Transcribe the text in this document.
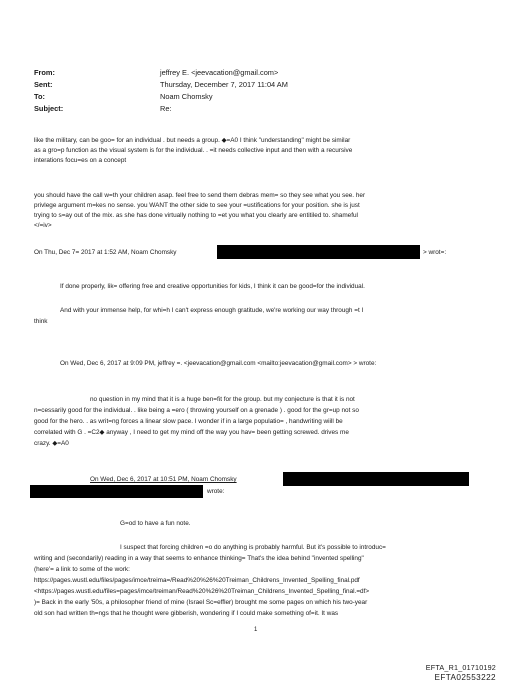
From:	jeffrey E. <jeevacation@gmail.com>
Sent:	Thursday, December 7, 2017 11:04 AM
To:	Noam Chomsky
Subject:	Re:
like the military, can be goo= for an individual . but needs a group. ◆=A0 I think "understanding" might be similar
as a gro=p function as the visual system is for the individual. . =it needs collective input and then with a recursive
interations focu=es on a concept
you should have the call w=th your children asap. feel free to send them debras mem= so they see what you see. her
privlege argument m=kes no sense. you WANT the other side to see your =ustifications for your position. she is just
trying to s=ay out of the mix. as she has done virtually nothing to =et you what you clearly are entitiled to. shameful
</=iv>
On Thu, Dec 7= 2017 at 1:52 AM, Noam Chomsky	> wrot=:
If done properly, lik= offering free and creative opportunities for kids, I think it can be good=for the individual.
And with your immense help, for whi=h I can't express enough gratitude, we're working our way through =t I
think
On Wed, Dec 6, 2017 at 9:09 PM, jeffrey =. <jeevacation@gmail.com <mailto:jeevacation@gmail.com> > wrote:
no question in my mind that it is a huge ben=fit for the group. but my conjecture is that it is not
n=cessarily good for the individual. . like being a =ero ( throwing yourself on a grenade ) . good for the gr=up not so
good for the hero. . as writ=ng forces a linear slow pace. I wonder if in a large populatio= , handwriting wiill be
correlated with G . =C2◆ anyway , I need to get my mind off the way you hav= been getting screwed. drives me
crazy. ◆=A0
On Wed, Dec 6, 2017 at 10:51 PM, Noam Chomsky
wrote:
G=od to have a fun note.
I suspect that forcing children =o do anything is probably harmful. But it's possible to introduc=
writing and (secondarily) reading in a way that seems to enhance thinking= That's the idea behind "invented spelling"
(here'= a link to some of the work:
https://pages.wustl.edu/files/pages/imce/treima=/Read%20%26%20Treiman_Childrens_Invented_Spelling_final.pdf
<https://pages.wustl.edu/files=pages/imce/treiman/Read%20%26%20Treiman_Childrens_Invented_Spelling_final.=df>
)= Back in the early '50s, a philosopher friend of mine (Israel Sc=effler) brought me some pages on which his two-year
old son had written th=ngs that he thought were gibberish, wondering if I could make something of=it. It was
1
EFTA_R1_01710192
EFTA02553222
